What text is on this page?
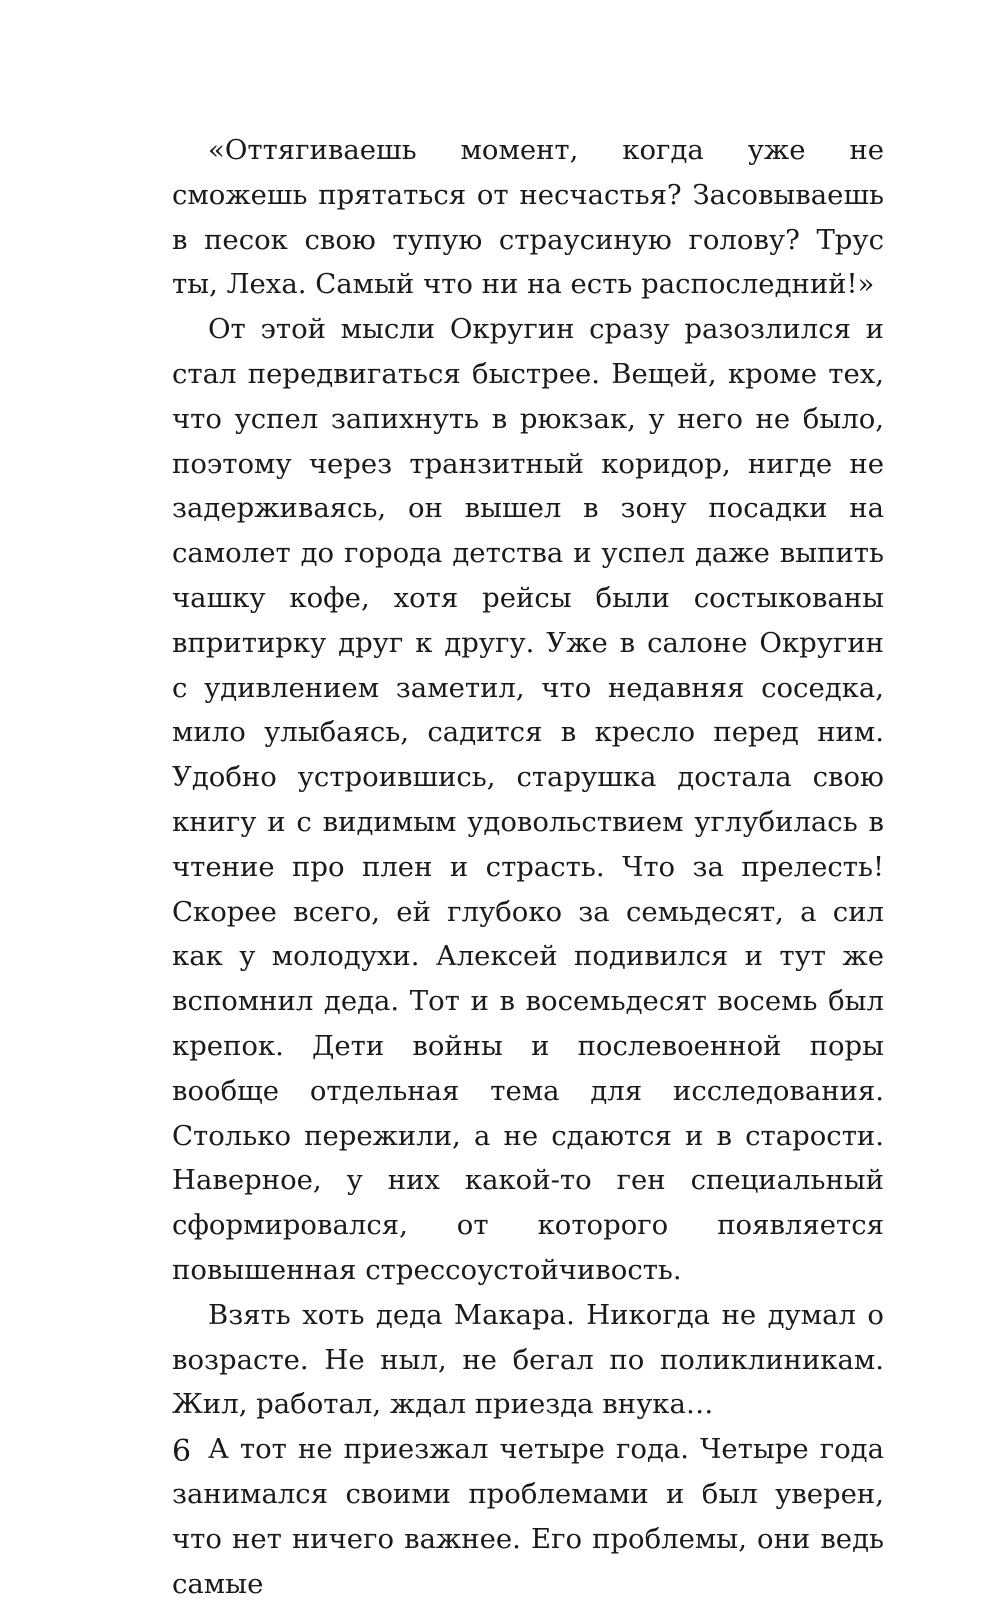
«Оттягиваешь момент, когда уже не сможешь прятаться от несчастья? Засовываешь в песок свою тупую страусиную голову? Трус ты, Леха. Самый что ни на есть распоследний!»

От этой мысли Округин сразу разозлился и стал передвигаться быстрее. Вещей, кроме тех, что успел запихнуть в рюкзак, у него не было, поэтому через транзитный коридор, нигде не задерживаясь, он вышел в зону посадки на самолет до города детства и успел даже выпить чашку кофе, хотя рейсы были состыкованы впритирку друг к другу. Уже в салоне Округин с удивлением заметил, что недавняя соседка, мило улыбаясь, садится в кресло перед ним. Удобно устроившись, старушка достала свою книгу и с видимым удовольствием углубилась в чтение про плен и страсть. Что за прелесть! Скорее всего, ей глубоко за семьдесят, а сил как у молодухи. Алексей подивился и тут же вспомнил деда. Тот и в восемьдесят восемь был крепок. Дети войны и послевоенной поры вообще отдельная тема для исследования. Столько пережили, а не сдаются и в старости. Наверное, у них какой-то ген специальный сформировался, от которого появляется повышенная стрессоустойчивость.

Взять хоть деда Макара. Никогда не думал о возрасте. Не ныл, не бегал по поликлиникам. Жил, работал, ждал приезда внука…

А тот не приезжал четыре года. Четыре года занимался своими проблемами и был уверен, что нет ничего важнее. Его проблемы, они ведь самые

6
